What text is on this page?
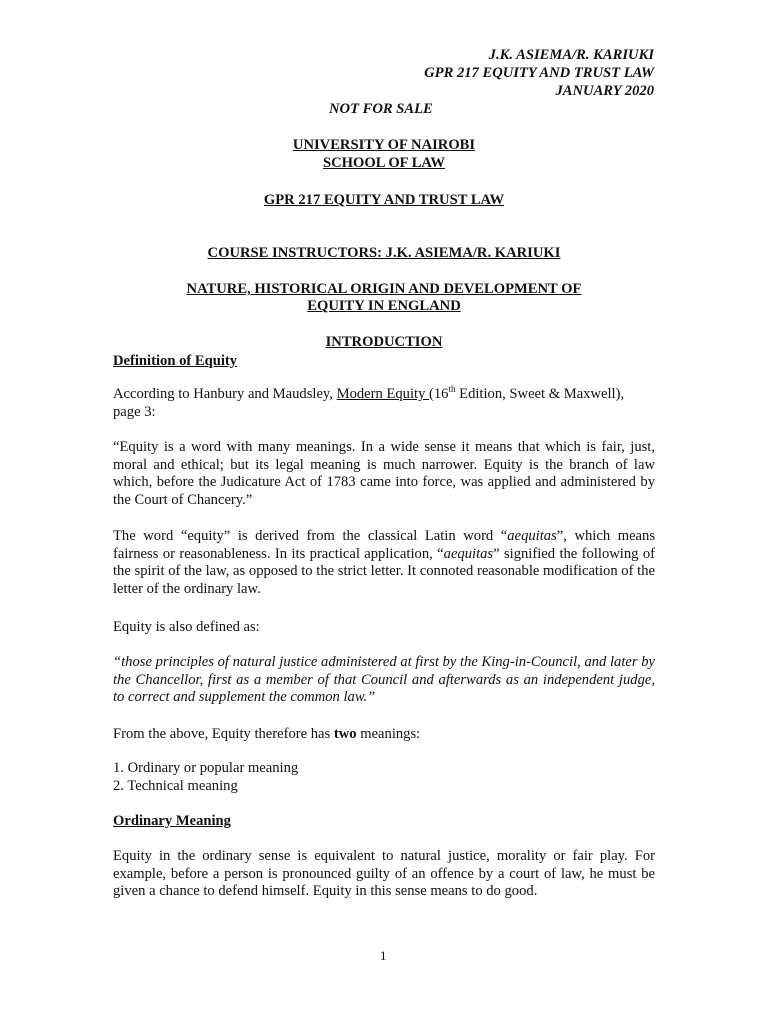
J.K. ASIEMA/R. KARIUKI
GPR 217 EQUITY AND TRUST LAW
JANUARY 2020
NOT FOR SALE
UNIVERSITY OF NAIROBI
SCHOOL OF LAW
GPR 217 EQUITY AND TRUST LAW
COURSE INSTRUCTORS: J.K. ASIEMA/R. KARIUKI
NATURE, HISTORICAL ORIGIN AND DEVELOPMENT OF
EQUITY IN ENGLAND
INTRODUCTION
Definition of Equity
According to Hanbury and Maudsley, Modern Equity (16th Edition, Sweet & Maxwell),
page 3:
“Equity is a word with many meanings. In a wide sense it means that which is fair, just, moral and ethical; but its legal meaning is much narrower. Equity is the branch of law which, before the Judicature Act of 1783 came into force, was applied and administered by the Court of Chancery.”
The word “equity” is derived from the classical Latin word “aequitas”, which means fairness or reasonableness. In its practical application, “aequitas” signified the following of the spirit of the law, as opposed to the strict letter. It connoted reasonable modification of the letter of the ordinary law.
Equity is also defined as:
“those principles of natural justice administered at first by the King-in-Council, and later by the Chancellor, first as a member of that Council and afterwards as an independent judge, to correct and supplement the common law.”
From the above, Equity therefore has two meanings:
1. Ordinary or popular meaning
2. Technical meaning
Ordinary Meaning
Equity in the ordinary sense is equivalent to natural justice, morality or fair play. For example, before a person is pronounced guilty of an offence by a court of law, he must be given a chance to defend himself. Equity in this sense means to do good.
1
